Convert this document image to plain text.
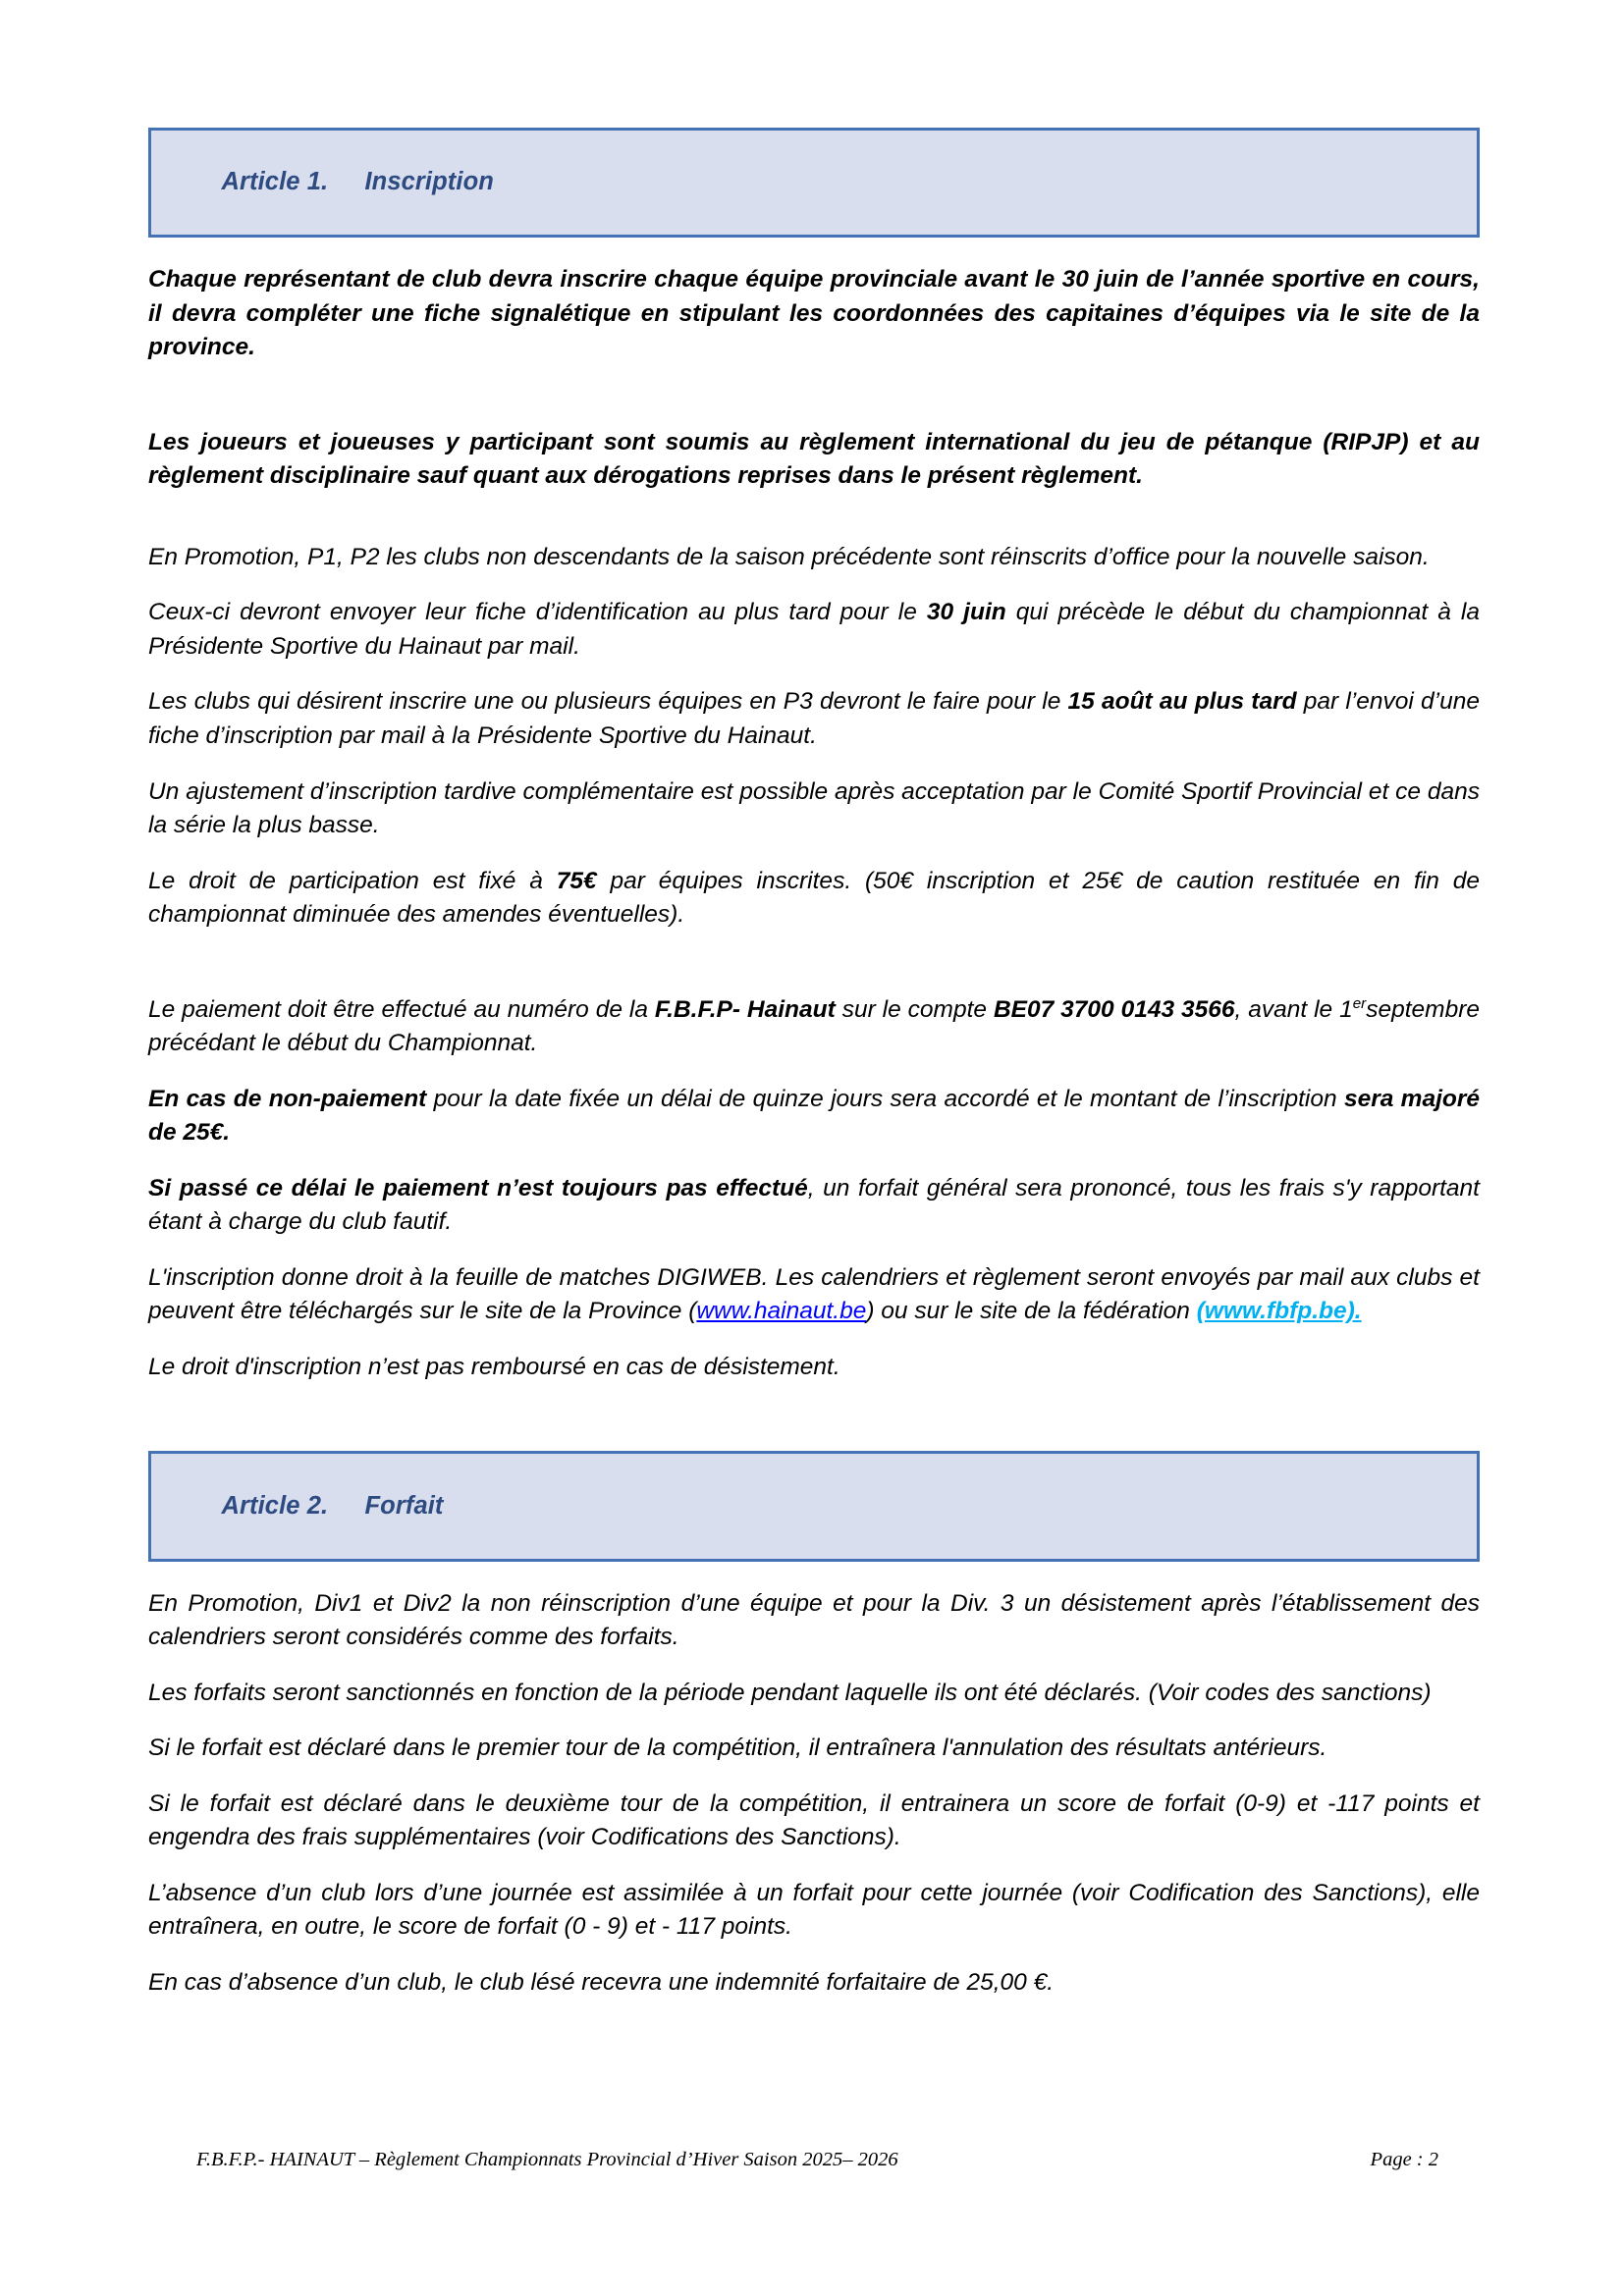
Article 1. Inscription

Chaque représentant de club devra inscrire chaque équipe provinciale avant le 30 juin de l’année sportive en cours, il devra compléter une fiche signalétique en stipulant les coordonnées des capitaines d’équipes via le site de la province.

Les joueurs et joueuses y participant sont soumis au règlement international du jeu de pétanque (RIPJP) et au règlement disciplinaire sauf quant aux dérogations reprises dans le présent règlement.

En Promotion, P1, P2 les clubs non descendants de la saison précédente sont réinscrits d’office pour la nouvelle saison.

Ceux-ci devront envoyer leur fiche d’identification au plus tard pour le 30 juin qui précède le début du championnat à la Présidente Sportive du Hainaut par mail.

Les clubs qui désirent inscrire une ou plusieurs équipes en P3 devront le faire pour le 15 août au plus tard par l’envoi d’une fiche d’inscription par mail à la Présidente Sportive du Hainaut.

Un ajustement d’inscription tardive complémentaire est possible après acceptation par le Comité Sportif Provincial et ce dans la série la plus basse.

Le droit de participation est fixé à 75€ par équipes inscrites. (50€ inscription et 25€ de caution restituée en fin de championnat diminuée des amendes éventuelles).

Le paiement doit être effectué au numéro de la F.B.F.P- Hainaut sur le compte BE07 3700 0143 3566, avant le 1erseptembre précédant le début du Championnat.

En cas de non-paiement pour la date fixée un délai de quinze jours sera accordé et le montant de l’inscription sera majoré de 25€.

Si passé ce délai le paiement n’est toujours pas effectué, un forfait général sera prononcé, tous les frais s'y rapportant étant à charge du club fautif.

L'inscription donne droit à la feuille de matches DIGIWEB. Les calendriers et règlement seront envoyés par mail aux clubs et peuvent être téléchargés sur le site de la Province (www.hainaut.be) ou sur le site de la fédération (www.fbfp.be).

Le droit d'inscription n’est pas remboursé en cas de désistement.

Article 2. Forfait

En Promotion, Div1 et Div2 la non réinscription d’une équipe et pour la Div. 3 un désistement après l’établissement des calendriers seront considérés comme des forfaits.

Les forfaits seront sanctionnés en fonction de la période pendant laquelle ils ont été déclarés. (Voir codes des sanctions)

Si le forfait est déclaré dans le premier tour de la compétition, il entraînera l'annulation des résultats antérieurs.

Si le forfait est déclaré dans le deuxième tour de la compétition, il entrainera un score de forfait (0-9) et -117 points et engendra des frais supplémentaires (voir Codifications des Sanctions).

L’absence d’un club lors d’une journée est assimilée à un forfait pour cette journée (voir Codification des Sanctions), elle entraînera, en outre, le score de forfait (0 - 9) et - 117 points.

En cas d’absence d’un club, le club lésé recevra une indemnité forfaitaire de 25,00 €.

F.B.F.P.- HAINAUT – Règlement Championnats Provincial d’Hiver Saison 2025– 2026	Page : 2
